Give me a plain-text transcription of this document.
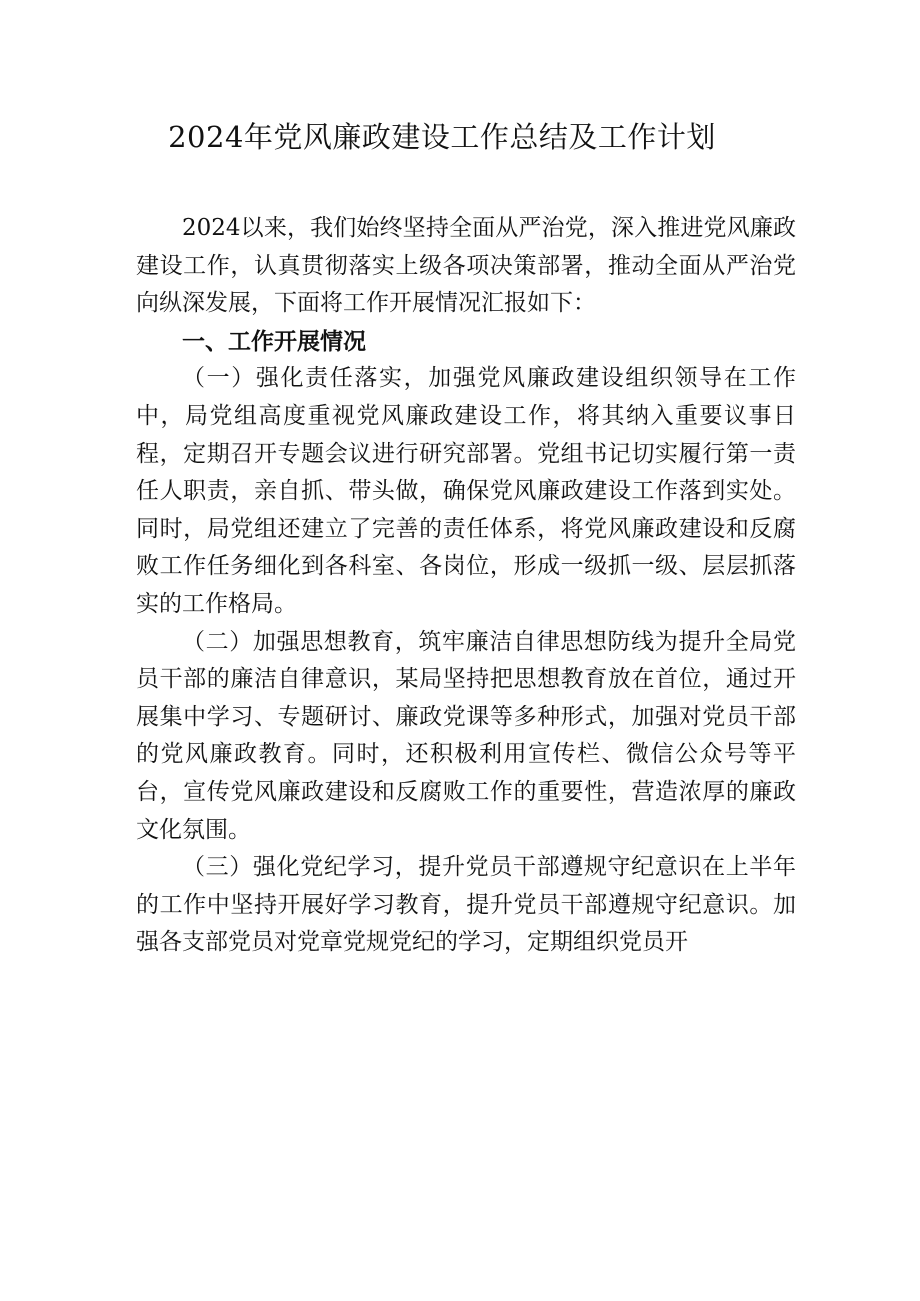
2024年党风廉政建设工作总结及工作计划

2024以来，我们始终坚持全面从严治党，深入推进党风廉政建设工作，认真贯彻落实上级各项决策部署，推动全面从严治党向纵深发展，下面将工作开展情况汇报如下：

一、工作开展情况

（一）强化责任落实，加强党风廉政建设组织领导在工作中，局党组高度重视党风廉政建设工作，将其纳入重要议事日程，定期召开专题会议进行研究部署。党组书记切实履行第一责任人职责，亲自抓、带头做，确保党风廉政建设工作落到实处。同时，局党组还建立了完善的责任体系，将党风廉政建设和反腐败工作任务细化到各科室、各岗位，形成一级抓一级、层层抓落实的工作格局。

（二）加强思想教育，筑牢廉洁自律思想防线为提升全局党员干部的廉洁自律意识，某局坚持把思想教育放在首位，通过开展集中学习、专题研讨、廉政党课等多种形式，加强对党员干部的党风廉政教育。同时，还积极利用宣传栏、微信公众号等平台，宣传党风廉政建设和反腐败工作的重要性，营造浓厚的廉政文化氛围。

（三）强化党纪学习，提升党员干部遵规守纪意识在上半年的工作中坚持开展好学习教育，提升党员干部遵规守纪意识。加强各支部党员对党章党规党纪的学习，定期组织党员开
